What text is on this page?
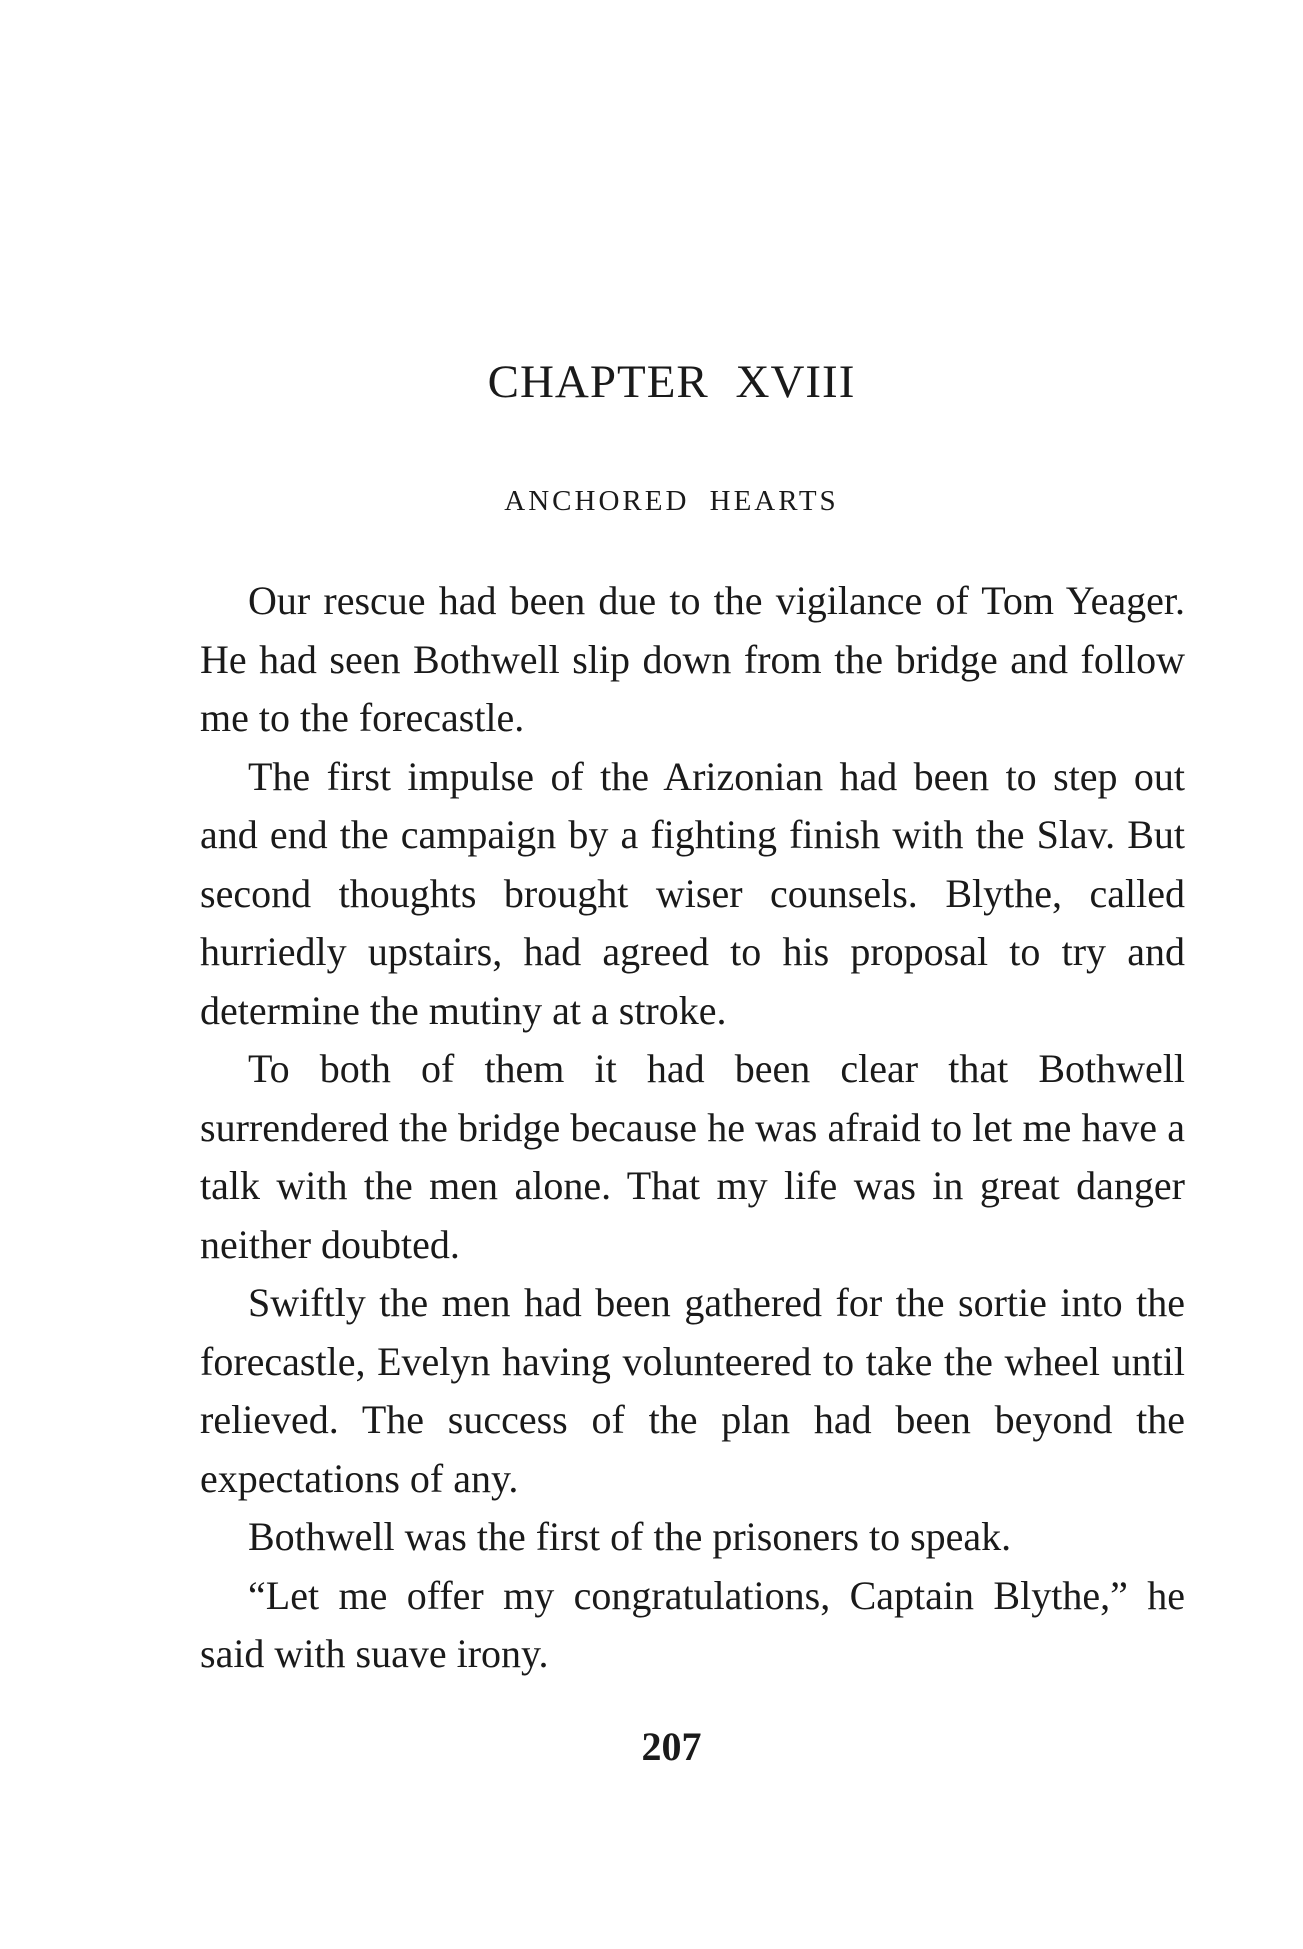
CHAPTER XVIII
ANCHORED HEARTS

Our rescue had been due to the vigilance of Tom Yeager. He had seen Bothwell slip down from the bridge and follow me to the forecastle.

The first impulse of the Arizonian had been to step out and end the campaign by a fighting finish with the Slav. But second thoughts brought wiser counsels. Blythe, called hurriedly upstairs, had agreed to his proposal to try and determine the mutiny at a stroke.

To both of them it had been clear that Bothwell surrendered the bridge because he was afraid to let me have a talk with the men alone. That my life was in great danger neither doubted.

Swiftly the men had been gathered for the sortie into the forecastle, Evelyn having volunteered to take the wheel until relieved. The success of the plan had been beyond the expectations of any.

Bothwell was the first of the prisoners to speak.

“Let me offer my congratulations, Captain Blythe,” he said with suave irony.

207
